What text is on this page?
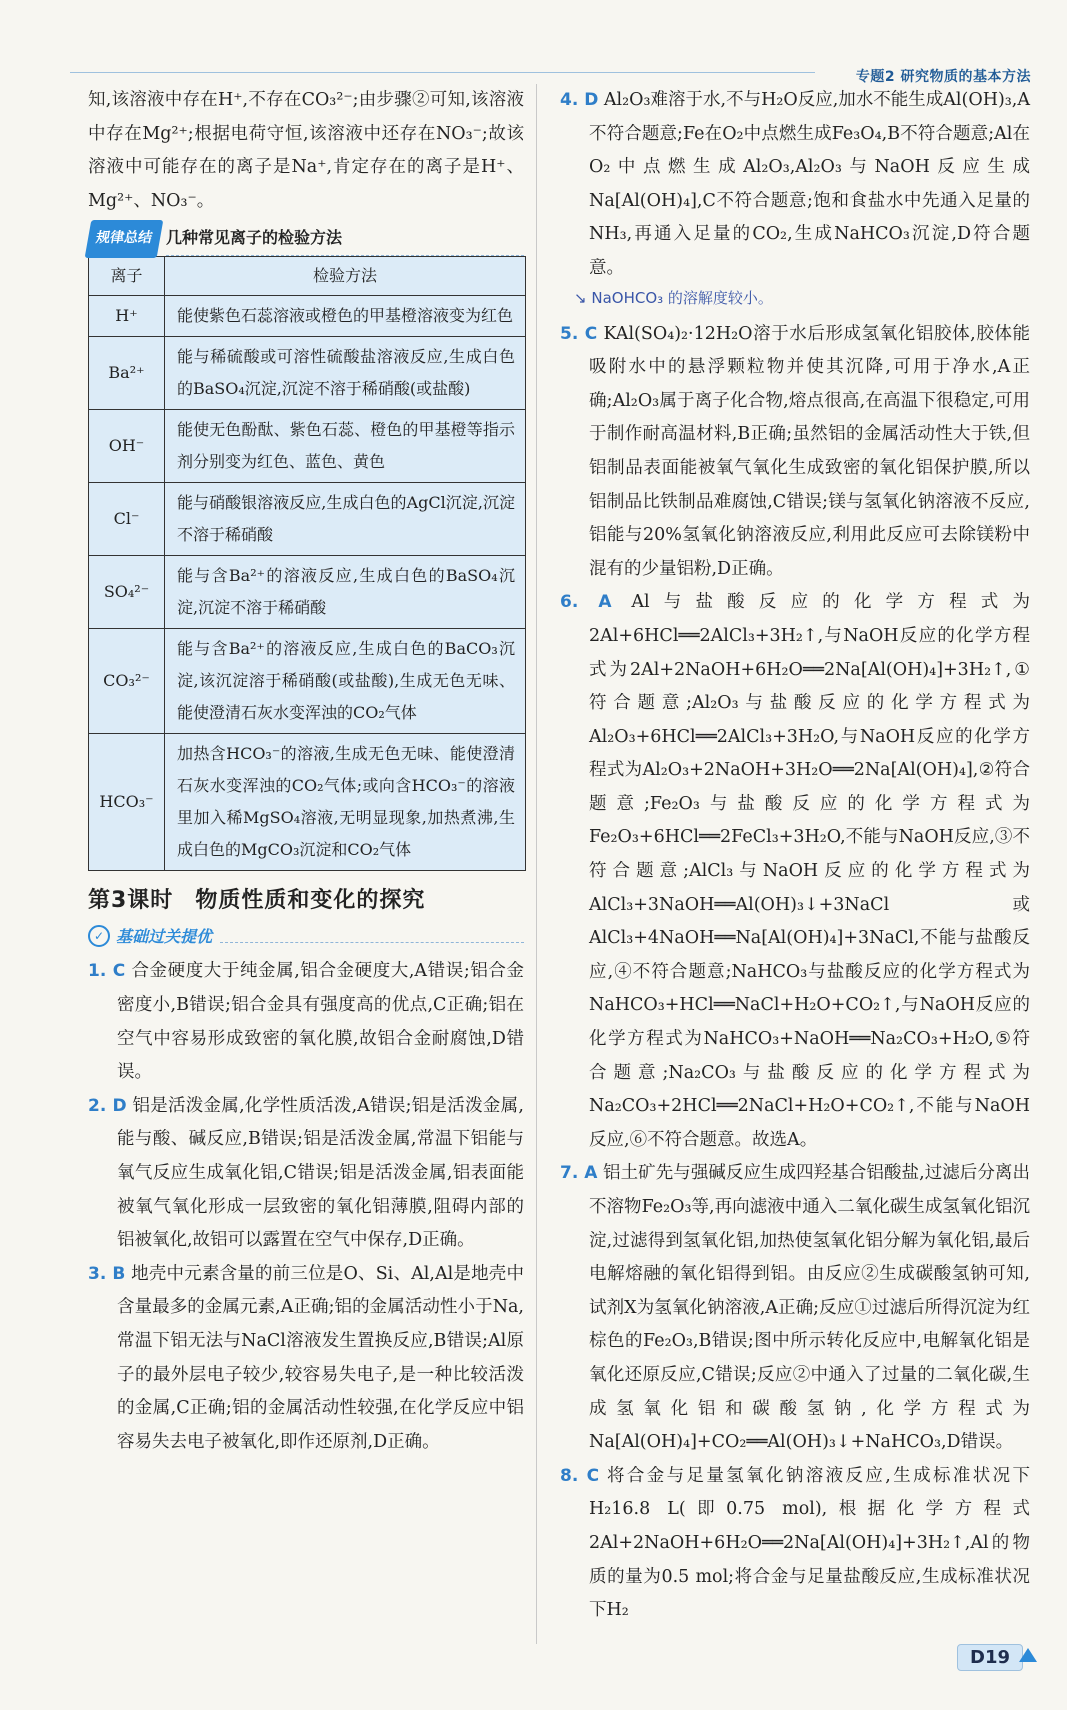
专题2 研究物质的基本方法

知,该溶液中存在H⁺,不存在CO₃²⁻;由步骤②可知,该溶液中存在Mg²⁺;根据电荷守恒,该溶液中还存在NO₃⁻;故该溶液中可能存在的离子是Na⁺,肯定存在的离子是H⁺、Mg²⁺、NO₃⁻。

规律总结 几种常见离子的检验方法
离子	检验方法
H⁺	能使紫色石蕊溶液或橙色的甲基橙溶液变为红色
Ba²⁺	能与稀硫酸或可溶性硫酸盐溶液反应,生成白色的BaSO₄沉淀,沉淀不溶于稀硝酸(或盐酸)
OH⁻	能使无色酚酞、紫色石蕊、橙色的甲基橙等指示剂分别变为红色、蓝色、黄色
Cl⁻	能与硝酸银溶液反应,生成白色的AgCl沉淀,沉淀不溶于稀硝酸
SO₄²⁻	能与含Ba²⁺的溶液反应,生成白色的BaSO₄沉淀,沉淀不溶于稀硝酸
CO₃²⁻	能与含Ba²⁺的溶液反应,生成白色的BaCO₃沉淀,该沉淀溶于稀硝酸(或盐酸),生成无色无味、能使澄清石灰水变浑浊的CO₂气体
HCO₃⁻	加热含HCO₃⁻的溶液,生成无色无味、能使澄清石灰水变浑浊的CO₂气体;或向含HCO₃⁻的溶液里加入稀MgSO₄溶液,无明显现象,加热煮沸,生成白色的MgCO₃沉淀和CO₂气体
第3课时 物质性质和变化的探究
✓ 基础过关提优

1. C 合金硬度大于纯金属,铝合金硬度大,A错误;铝合金密度小,B错误;铝合金具有强度高的优点,C正确;铝在空气中容易形成致密的氧化膜,故铝合金耐腐蚀,D错误。

2. D 铝是活泼金属,化学性质活泼,A错误;铝是活泼金属,能与酸、碱反应,B错误;铝是活泼金属,常温下铝能与氧气反应生成氧化铝,C错误;铝是活泼金属,铝表面能被氧气氧化形成一层致密的氧化铝薄膜,阻碍内部的铝被氧化,故铝可以露置在空气中保存,D正确。

3. B 地壳中元素含量的前三位是O、Si、Al,Al是地壳中含量最多的金属元素,A正确;铝的金属活动性小于Na,常温下铝无法与NaCl溶液发生置换反应,B错误;Al原子的最外层电子较少,较容易失电子,是一种比较活泼的金属,C正确;铝的金属活动性较强,在化学反应中铝容易失去电子被氧化,即作还原剂,D正确。

4. D Al₂O₃难溶于水,不与H₂O反应,加水不能生成Al(OH)₃,A不符合题意;Fe在O₂中点燃生成Fe₃O₄,B不符合题意;Al在O₂中点燃生成Al₂O₃,Al₂O₃与NaOH反应生成Na[Al(OH)₄],C不符合题意;饱和食盐水中先通入足量的NH₃,再通入足量的CO₂,生成NaHCO₃沉淀,D符合题意。

↘ NaOHCO₃ 的溶解度较小。

5. C KAl(SO₄)₂·12H₂O溶于水后形成氢氧化铝胶体,胶体能吸附水中的悬浮颗粒物并使其沉降,可用于净水,A正确;Al₂O₃属于离子化合物,熔点很高,在高温下很稳定,可用于制作耐高温材料,B正确;虽然铝的金属活动性大于铁,但铝制品表面能被氧气氧化生成致密的氧化铝保护膜,所以铝制品比铁制品难腐蚀,C错误;镁与氢氧化钠溶液不反应,铝能与20%氢氧化钠溶液反应,利用此反应可去除镁粉中混有的少量铝粉,D正确。

6. A Al与盐酸反应的化学方程式为2Al+6HCl══2AlCl₃+3H₂↑,与NaOH反应的化学方程式为2Al+2NaOH+6H₂O══2Na[Al(OH)₄]+3H₂↑,①符合题意;Al₂O₃与盐酸反应的化学方程式为Al₂O₃+6HCl══2AlCl₃+3H₂O,与NaOH反应的化学方程式为Al₂O₃+2NaOH+3H₂O══2Na[Al(OH)₄],②符合题意;Fe₂O₃与盐酸反应的化学方程式为Fe₂O₃+6HCl══2FeCl₃+3H₂O,不能与NaOH反应,③不符合题意;AlCl₃与NaOH反应的化学方程式为AlCl₃+3NaOH══Al(OH)₃↓+3NaCl或AlCl₃+4NaOH══Na[Al(OH)₄]+3NaCl,不能与盐酸反应,④不符合题意;NaHCO₃与盐酸反应的化学方程式为NaHCO₃+HCl══NaCl+H₂O+CO₂↑,与NaOH反应的化学方程式为NaHCO₃+NaOH══Na₂CO₃+H₂O,⑤符合题意;Na₂CO₃与盐酸反应的化学方程式为Na₂CO₃+2HCl══2NaCl+H₂O+CO₂↑,不能与NaOH反应,⑥不符合题意。故选A。

7. A 铝土矿先与强碱反应生成四羟基合铝酸盐,过滤后分离出不溶物Fe₂O₃等,再向滤液中通入二氧化碳生成氢氧化铝沉淀,过滤得到氢氧化铝,加热使氢氧化铝分解为氧化铝,最后电解熔融的氧化铝得到铝。由反应②生成碳酸氢钠可知,试剂X为氢氧化钠溶液,A正确;反应①过滤后所得沉淀为红棕色的Fe₂O₃,B错误;图中所示转化反应中,电解氧化铝是氧化还原反应,C错误;反应②中通入了过量的二氧化碳,生成氢氧化铝和碳酸氢钠,化学方程式为Na[Al(OH)₄]+CO₂══Al(OH)₃↓+NaHCO₃,D错误。

8. C 将合金与足量氢氧化钠溶液反应,生成标准状况下H₂16.8 L(即0.75 mol),根据化学方程式2Al+2NaOH+6H₂O══2Na[Al(OH)₄]+3H₂↑,Al的物质的量为0.5 mol;将合金与足量盐酸反应,生成标准状况下H₂

D19
